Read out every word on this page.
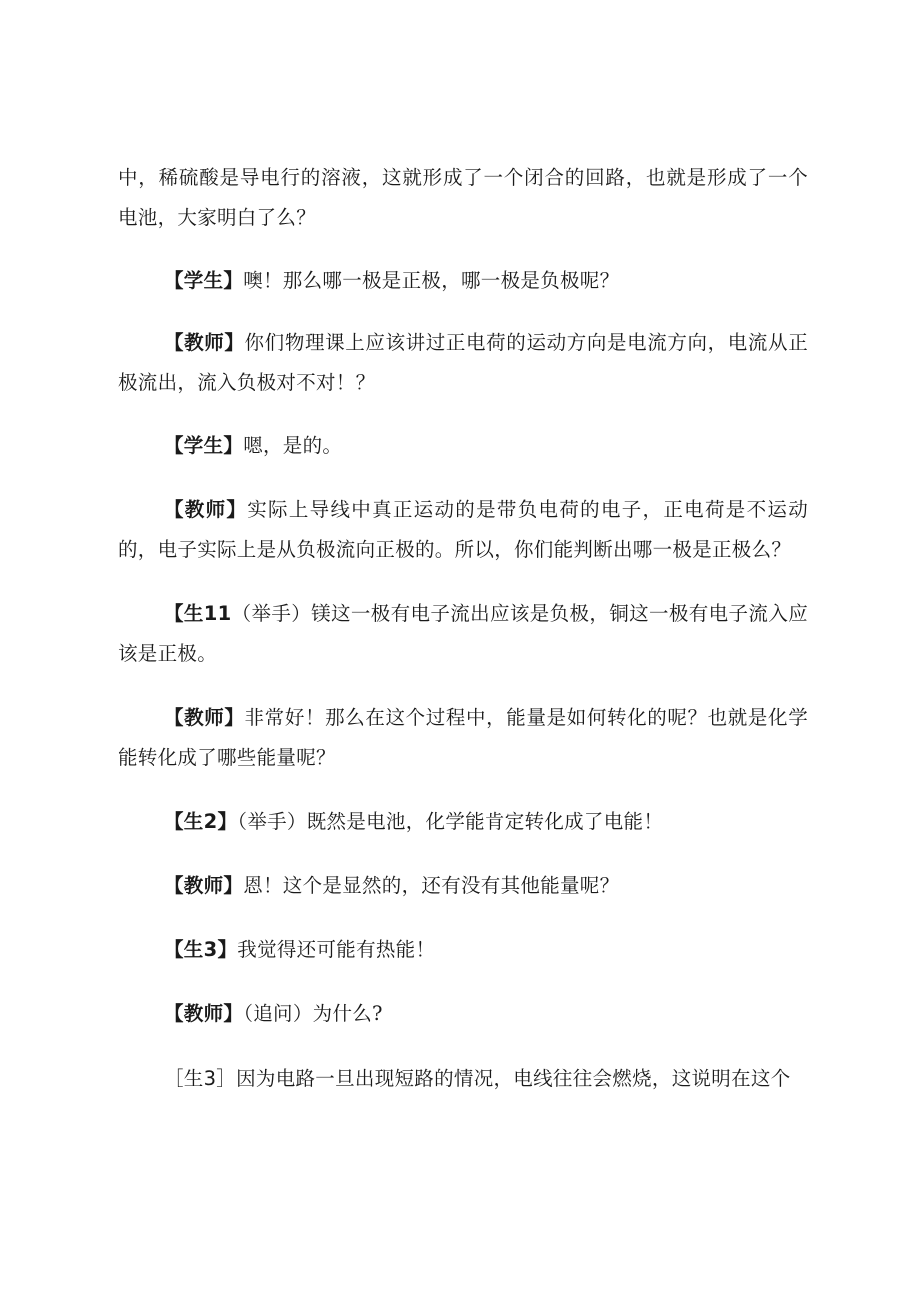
中，稀硫酸是导电行的溶液，这就形成了一个闭合的回路，也就是形成了一个电池，大家明白了么？

【学生】噢！那么哪一极是正极，哪一极是负极呢？

【教师】你们物理课上应该讲过正电荷的运动方向是电流方向，电流从正极流出，流入负极对不对！？

【学生】嗯，是的。

【教师】实际上导线中真正运动的是带负电荷的电子，正电荷是不运动的，电子实际上是从负极流向正极的。所以，你们能判断出哪一极是正极么？

【生11（举手）镁这一极有电子流出应该是负极，铜这一极有电子流入应该是正极。

【教师】非常好！那么在这个过程中，能量是如何转化的呢？也就是化学能转化成了哪些能量呢？

【生2】（举手）既然是电池，化学能肯定转化成了电能！

【教师】恩！这个是显然的，还有没有其他能量呢？

【生3】我觉得还可能有热能！

【教师】（追问）为什么?

［生3］因为电路一旦出现短路的情况，电线往往会燃烧，这说明在这个
